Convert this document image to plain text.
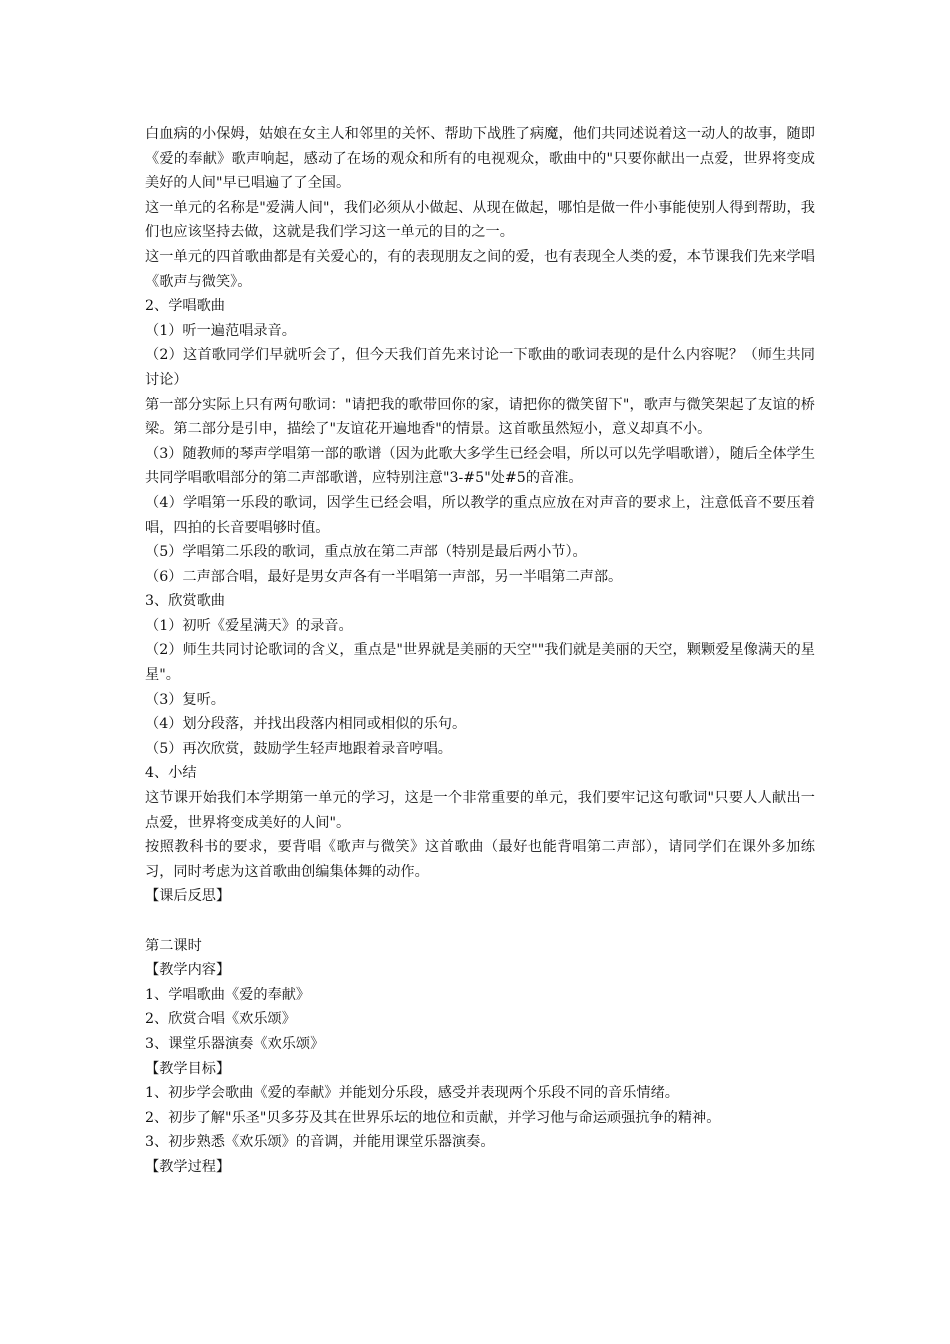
白血病的小保姆，姑娘在女主人和邻里的关怀、帮助下战胜了病魔，他们共同述说着这一动人的故事，随即《爱的奉献》歌声响起，感动了在场的观众和所有的电视观众，歌曲中的"只要你献出一点爱，世界将变成美好的人间"早已唱遍了了全国。

这一单元的名称是"爱满人间"，我们必须从小做起、从现在做起，哪怕是做一件小事能使别人得到帮助，我们也应该坚持去做，这就是我们学习这一单元的目的之一。

这一单元的四首歌曲都是有关爱心的，有的表现朋友之间的爱，也有表现全人类的爱，本节课我们先来学唱《歌声与微笑》。

2、学唱歌曲

（1）听一遍范唱录音。

（2）这首歌同学们早就听会了，但今天我们首先来讨论一下歌曲的歌词表现的是什么内容呢？（师生共同讨论）

第一部分实际上只有两句歌词："请把我的歌带回你的家，请把你的微笑留下"，歌声与微笑架起了友谊的桥梁。第二部分是引申，描绘了"友谊花开遍地香"的情景。这首歌虽然短小，意义却真不小。

（3）随教师的琴声学唱第一部的歌谱（因为此歌大多学生已经会唱，所以可以先学唱歌谱），随后全体学生共同学唱歌唱部分的第二声部歌谱，应特别注意"3-#5"处#5的音准。

（4）学唱第一乐段的歌词，因学生已经会唱，所以教学的重点应放在对声音的要求上，注意低音不要压着唱，四拍的长音要唱够时值。

（5）学唱第二乐段的歌词，重点放在第二声部（特别是最后两小节）。

（6）二声部合唱，最好是男女声各有一半唱第一声部，另一半唱第二声部。

3、欣赏歌曲

（1）初听《爱星满天》的录音。

（2）师生共同讨论歌词的含义，重点是"世界就是美丽的天空""我们就是美丽的天空，颗颗爱星像满天的星星"。

（3）复听。

（4）划分段落，并找出段落内相同或相似的乐句。

（5）再次欣赏，鼓励学生轻声地跟着录音哼唱。

4、小结

这节课开始我们本学期第一单元的学习，这是一个非常重要的单元，我们要牢记这句歌词"只要人人献出一点爱，世界将变成美好的人间"。

按照教科书的要求，要背唱《歌声与微笑》这首歌曲（最好也能背唱第二声部），请同学们在课外多加练习，同时考虑为这首歌曲创编集体舞的动作。

【课后反思】

第二课时

【教学内容】

1、学唱歌曲《爱的奉献》

2、欣赏合唱《欢乐颂》

3、课堂乐器演奏《欢乐颂》

【教学目标】

1、初步学会歌曲《爱的奉献》并能划分乐段，感受并表现两个乐段不同的音乐情绪。

2、初步了解"乐圣"贝多芬及其在世界乐坛的地位和贡献，并学习他与命运顽强抗争的精神。

3、初步熟悉《欢乐颂》的音调，并能用课堂乐器演奏。

【教学过程】
